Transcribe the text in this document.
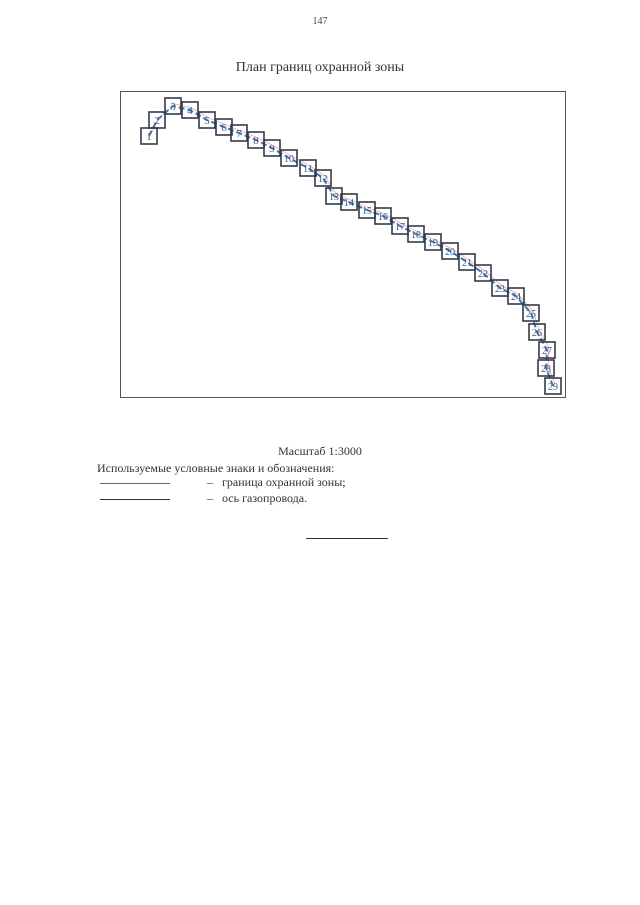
147
План границ охранной зоны
1
2
3 4
5
6 7
8
9
10
11
12
13
14
15
16
17
18
19
20
21
22
23
24
25
26
27
28
29
Масштаб 1:3000
Используемые условные знаки и обозначения:
– граница охранной зоны;
– ось газопровода.
